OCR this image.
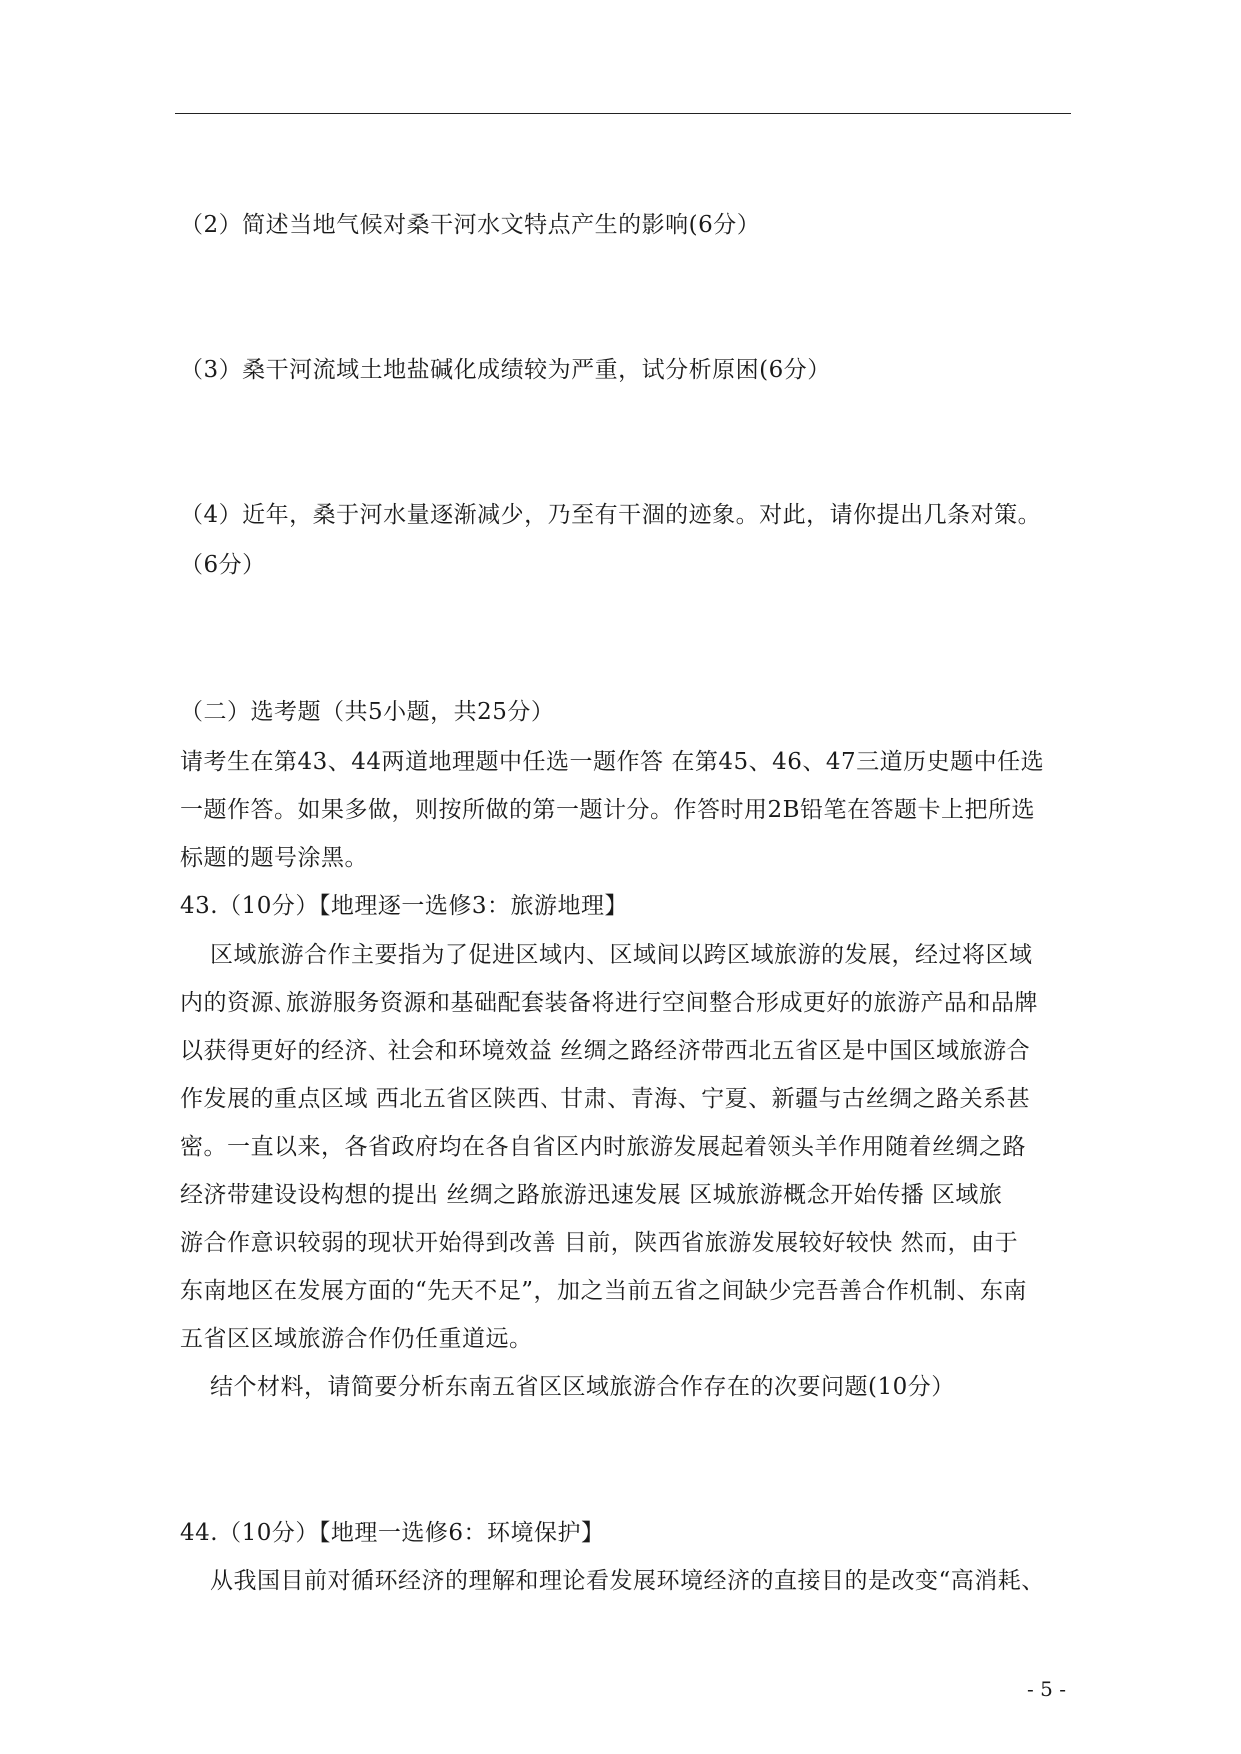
（2）简述当地气候对桑干河水文特点产生的影响(6分）
（3）桑干河流域土地盐碱化成绩较为严重，试分析原困(6分）
（4）近年，桑于河水量逐渐减少，乃至有干涸的迹象。对此，请你提出几条对策。
（6分）
（二）选考题（共5小题，共25分）
请考生在第43、44两道地理题中任选一题作答 在第45、46、47三道历史题中任选
一题作答。如果多做，则按所做的第一题计分。作答时用2B铅笔在答题卡上把所选
标题的题号涂黑。
43.（10分）【地理逐一选修3：旅游地理】
区域旅游合作主要指为了促进区域内、区域间以跨区域旅游的发展，经过将区域
内的资源､旅游服务资源和基础配套装备将进行空间整合形成更好的旅游产品和品牌
以获得更好的经济､ 社会和环境效益 丝绸之路经济带西北五省区是中国区域旅游合
作发展的重点区域 西北五省区陕西､ 甘肃、青海、宁夏、新疆与古丝绸之路关系甚
密。一直以来，各省政府均在各自省区内时旅游发展起着领头羊作用随着丝绸之路
经济带建设设构想的提出 丝绸之路旅游迅速发展 区城旅游概念开始传播 区域旅
游合作意识较弱的现状开始得到改善 目前，陕西省旅游发展较好较快 然而，由于
东南地区在发展方面的“先天不足”，加之当前五省之间缺少完吾善合作机制、东南
五省区区域旅游合作仍任重道远。
结个材料，请简要分析东南五省区区域旅游合作存在的次要问题(10分）
44.（10分）【地理一选修6：环境保护】
从我国目前对循环经济的理解和理论看发展环境经济的直接目的是改变“高消耗、
- 5 -
